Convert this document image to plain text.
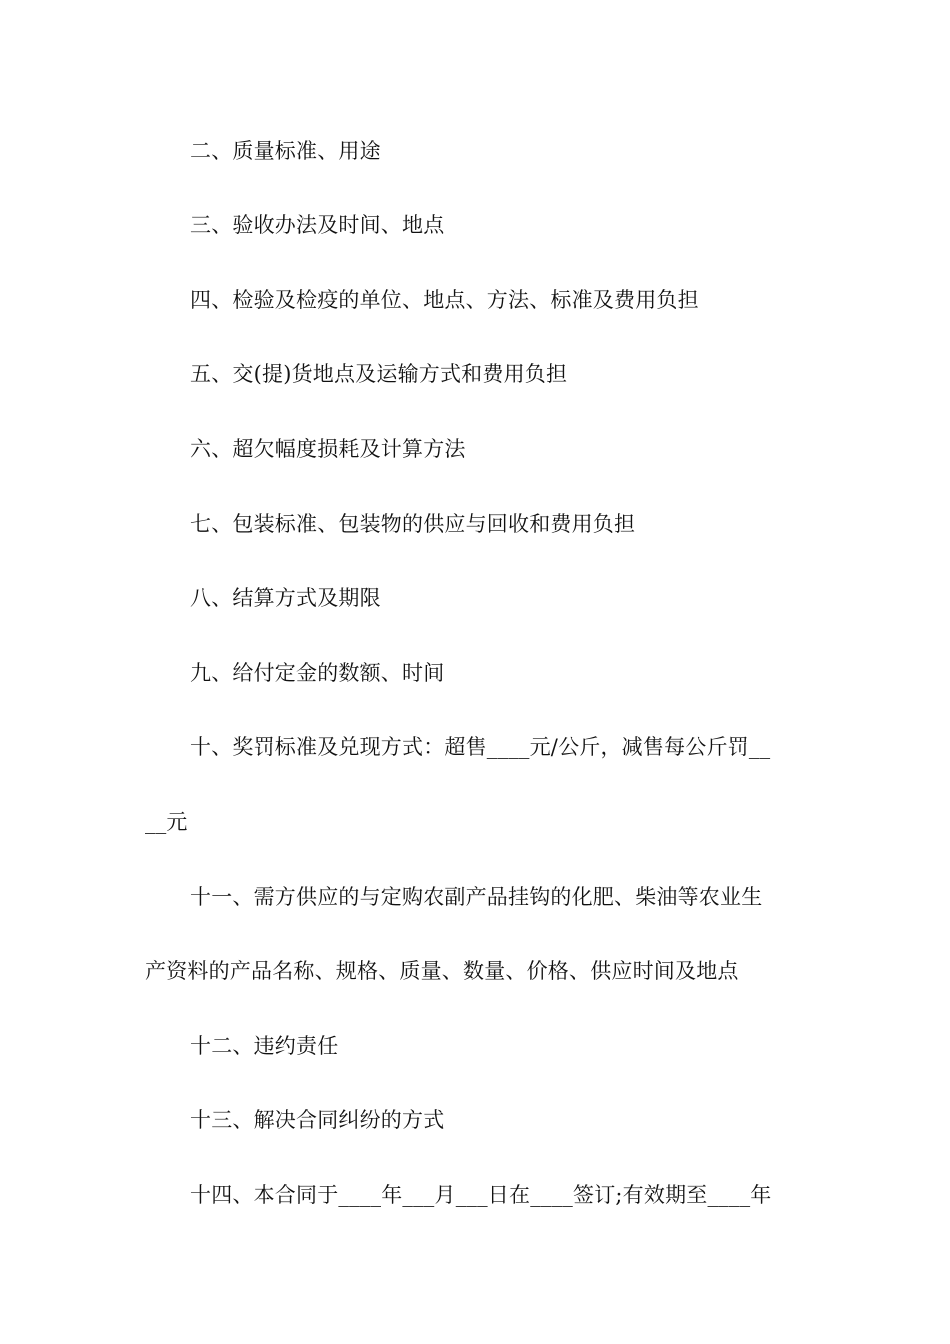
二、质量标准、用途
三、验收办法及时间、地点
四、检验及检疫的单位、地点、方法、标准及费用负担
五、交(提)货地点及运输方式和费用负担
六、超欠幅度损耗及计算方法
七、包装标准、包装物的供应与回收和费用负担
八、结算方式及期限
九、给付定金的数额、时间
十、奖罚标准及兑现方式：超售____元/公斤，减售每公斤罚__
__元
十一、需方供应的与定购农副产品挂钩的化肥、柴油等农业生
产资料的产品名称、规格、质量、数量、价格、供应时间及地点
十二、违约责任
十三、解决合同纠纷的方式
十四、本合同于____年___月___日在____签订;有效期至____年
